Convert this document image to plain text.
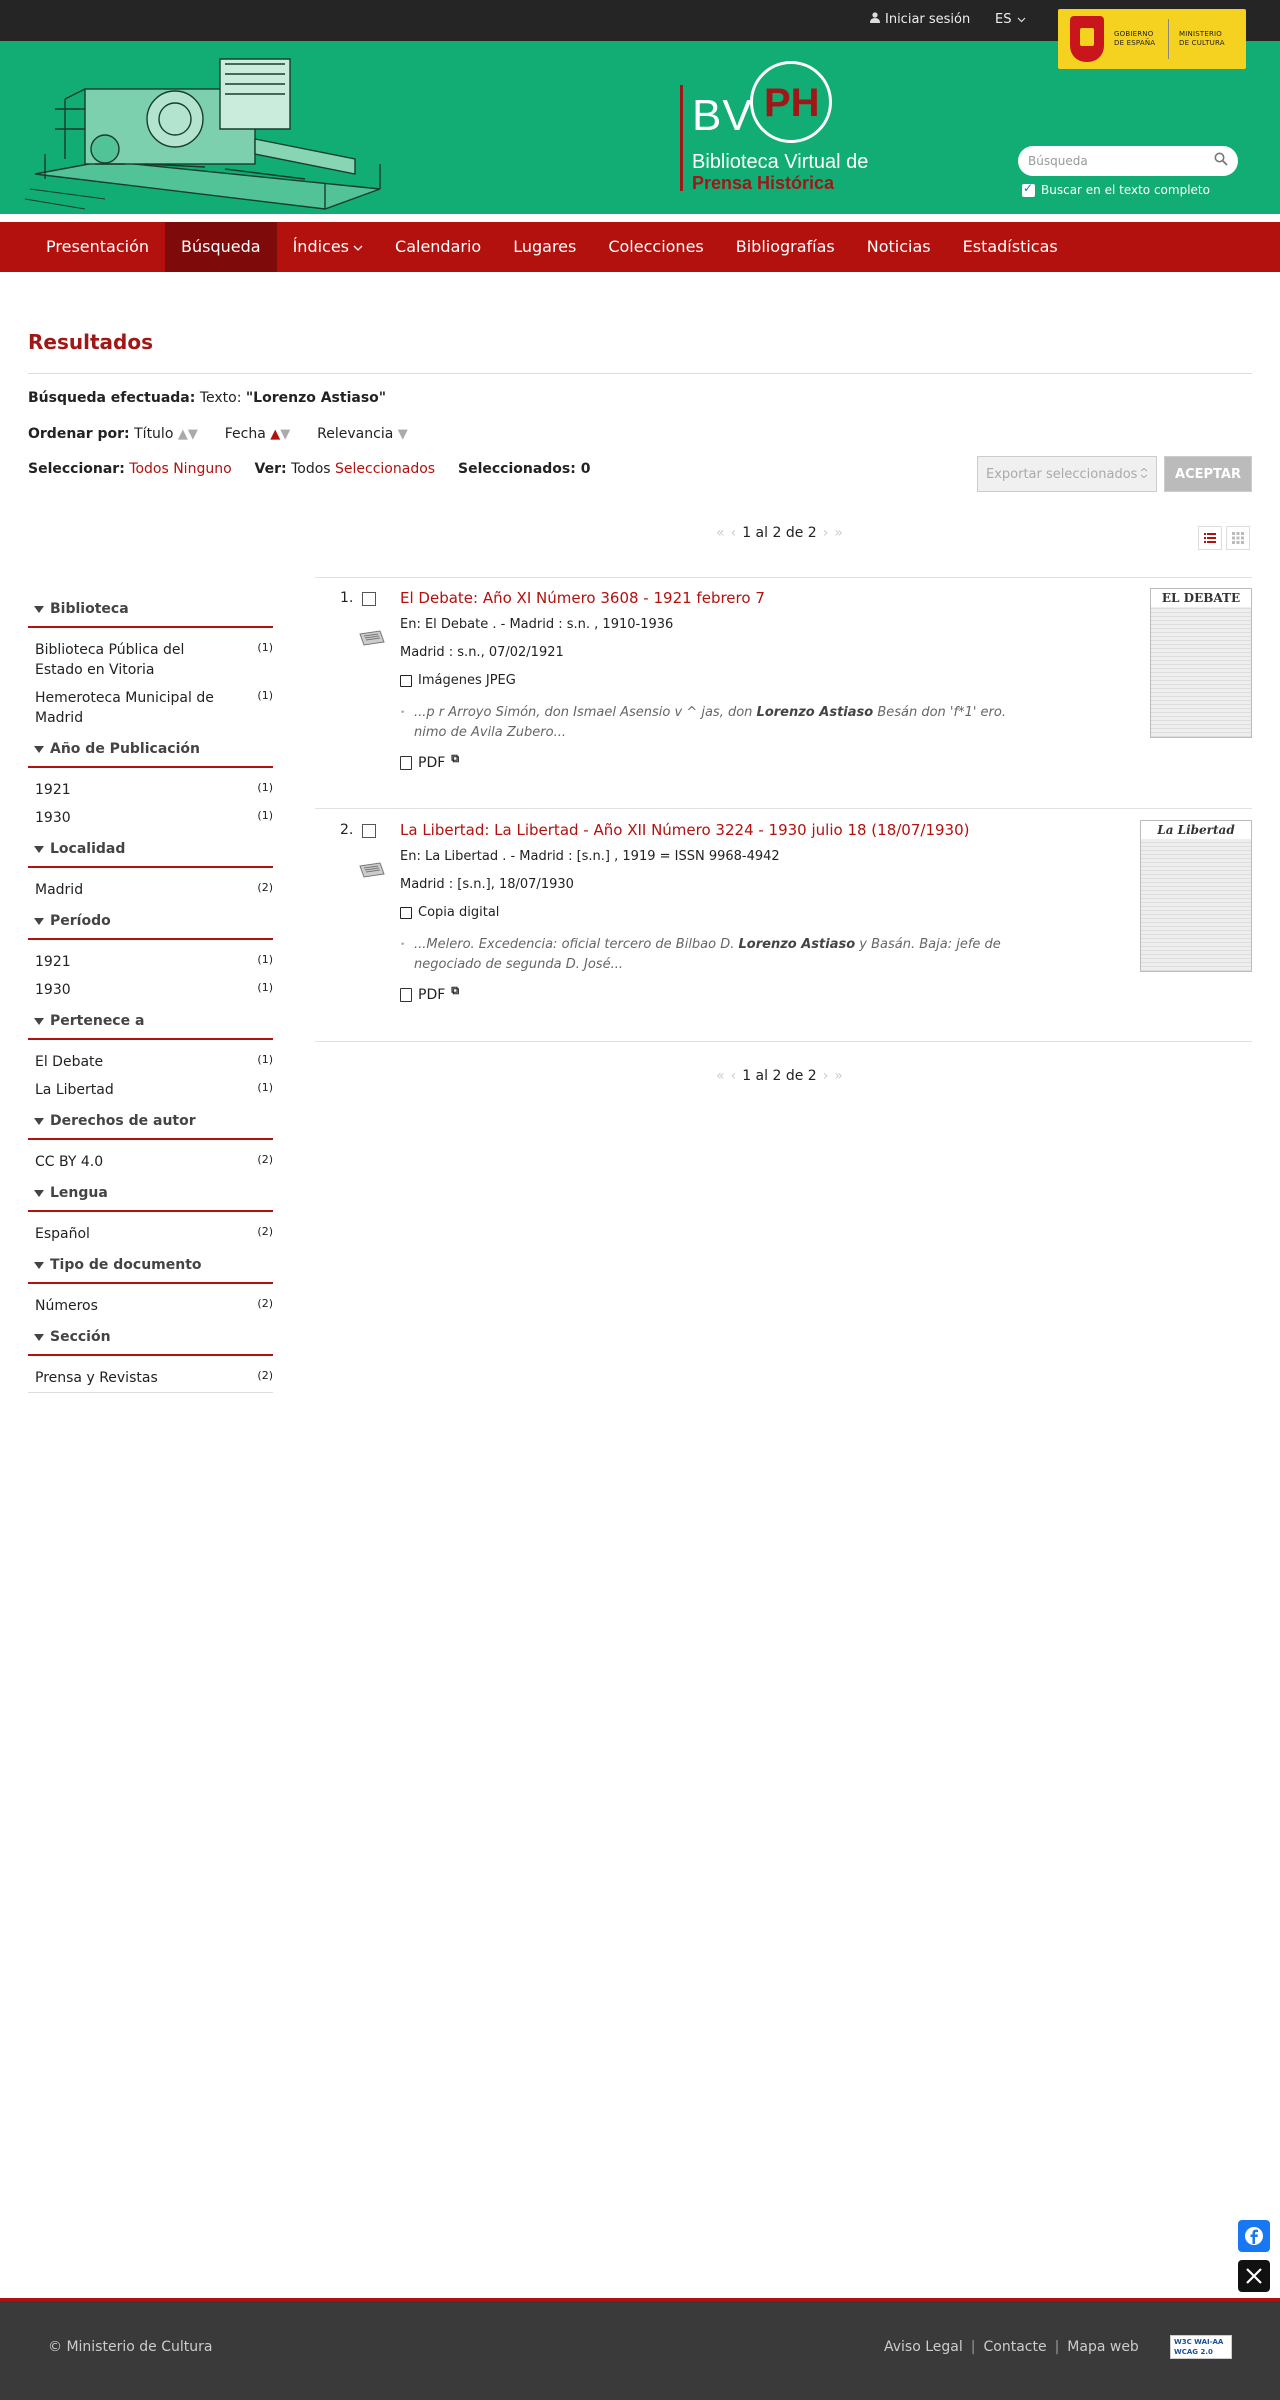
Iniciar sesión ES
GOBIERNO DE ESPAÑA
MINISTERIO DE CULTURA
BV PH
Biblioteca Virtual de
Prensa Histórica
Búsqueda
✓	Buscar en el texto completo
Presentación Búsqueda Índices	Calendario Lugares Colecciones Bibliografías Noticias Estadísticas
Resultados
Búsqueda efectuada: Texto: "Lorenzo Astiaso"
Ordenar por: Título ▲▼ Fecha ▲▼ Relevancia ▼
Seleccionar: Todos Ninguno Ver: Todos Seleccionados Seleccionados: 0	Exportar seleccionados	ACEPTAR
« ‹ 1 al 2 de 2 › »
Biblioteca
Biblioteca Pública del Estado en Vitoria
(1)
Hemeroteca Municipal de Madrid
(1)
Año de Publicación
1921	(1)
1930	(1)
Localidad
Madrid	(2)
Período
1921	(1)
1930	(1)
Pertenece a
El Debate	(1)
La Libertad	(1)
Derechos de autor
CC BY 4.0	(2)
Lengua
Español	(2)
Tipo de documento
Números	(2)
Sección
Prensa y Revistas	(2)
1.	El Debate: Año XI Número 3608 - 1921 febrero 7
En: El Debate . - Madrid : s.n. , 1910-1936
Madrid : s.n., 07/02/1921
Imágenes JPEG
• ...p r Arroyo Simón, don Ismael Asensio v ^ jas, don Lorenzo Astiaso Besán don 'f*1' ero. nimo de Avila Zubero...
PDF ⧉
EL DEBATE
2.	La Libertad: La Libertad - Año XII Número 3224 - 1930 julio 18 (18/07/1930)
En: La Libertad . - Madrid : [s.n.] , 1919 = ISSN 9968-4942
Madrid : [s.n.], 18/07/1930
Copia digital
• ...Melero. Excedencia: oficial tercero de Bilbao D. Lorenzo Astiaso y Basán. Baja: jefe de negociado de segunda D. José...
PDF ⧉
La Libertad
« ‹ 1 al 2 de 2 › »
© Ministerio de Cultura	Aviso Legal | Contacte | Mapa web	W3C WAI-AA WCAG 2.0
